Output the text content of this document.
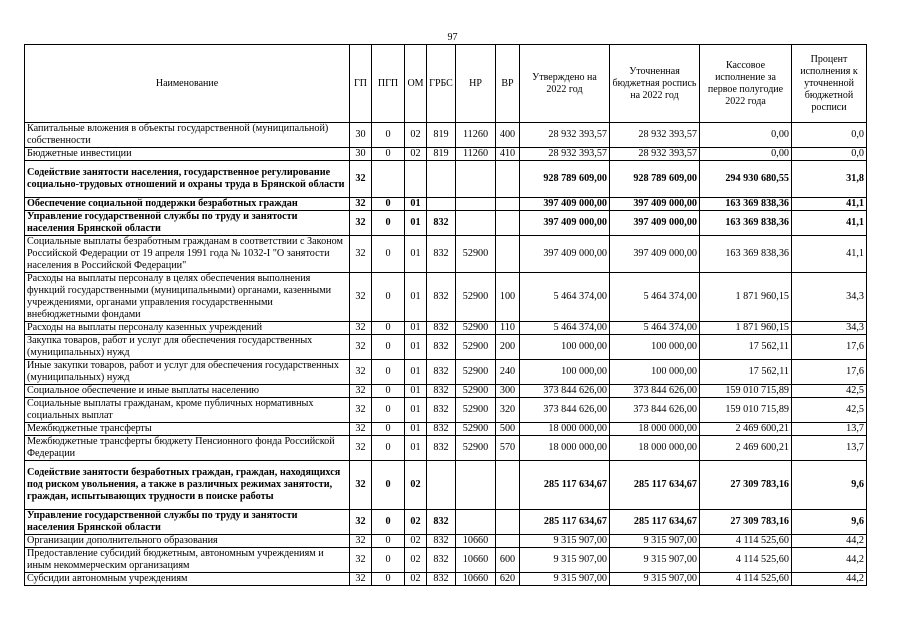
97
Наименование	ГП	ПГП	ОМ	ГРБС	НР	ВР	Утверждено на 2022 год	Уточненная бюджетная роспись на 2022 год	Кассовое исполнение за первое полугодие 2022 года	Процент исполнения к уточненной бюджетной росписи
Капитальные вложения в объекты государственной (муниципальной) собственности	30	0	02	819	11260	400	28 932 393,57	28 932 393,57	0,00	0,0
Бюджетные инвестиции	30	0	02	819	11260	410	28 932 393,57	28 932 393,57	0,00	0,0
Содействие занятости населения, государственное регулирование социально-трудовых отношений и охраны труда в Брянской области	32						928 789 609,00	928 789 609,00	294 930 680,55	31,8
Обеспечение социальной поддержки безработных граждан	32	0	01				397 409 000,00	397 409 000,00	163 369 838,36	41,1
Управление государственной службы по труду и занятости населения Брянской области	32	0	01	832			397 409 000,00	397 409 000,00	163 369 838,36	41,1
Социальные выплаты безработным гражданам в соответствии с Законом Российской Федерации от 19 апреля 1991 года № 1032-I "О занятости населения в Российской Федерации"	32	0	01	832	52900		397 409 000,00	397 409 000,00	163 369 838,36	41,1
Расходы на выплаты персоналу в целях обеспечения выполнения функций государственными (муниципальными) органами, казенными учреждениями, органами управления государственными внебюджетными фондами	32	0	01	832	52900	100	5 464 374,00	5 464 374,00	1 871 960,15	34,3
Расходы на выплаты персоналу казенных учреждений	32	0	01	832	52900	110	5 464 374,00	5 464 374,00	1 871 960,15	34,3
Закупка товаров, работ и услуг для обеспечения государственных (муниципальных) нужд	32	0	01	832	52900	200	100 000,00	100 000,00	17 562,11	17,6
Иные закупки товаров, работ и услуг для обеспечения государственных (муниципальных) нужд	32	0	01	832	52900	240	100 000,00	100 000,00	17 562,11	17,6
Социальное обеспечение и иные выплаты населению	32	0	01	832	52900	300	373 844 626,00	373 844 626,00	159 010 715,89	42,5
Социальные выплаты гражданам, кроме публичных нормативных социальных выплат	32	0	01	832	52900	320	373 844 626,00	373 844 626,00	159 010 715,89	42,5
Межбюджетные трансферты	32	0	01	832	52900	500	18 000 000,00	18 000 000,00	2 469 600,21	13,7
Межбюджетные трансферты бюджету Пенсионного фонда Российской Федерации	32	0	01	832	52900	570	18 000 000,00	18 000 000,00	2 469 600,21	13,7
Содействие занятости безработных граждан, граждан, находящихся под риском увольнения, а также в различных режимах занятости, граждан, испытывающих трудности в поиске работы	32	0	02				285 117 634,67	285 117 634,67	27 309 783,16	9,6
Управление государственной службы по труду и занятости населения Брянской области	32	0	02	832			285 117 634,67	285 117 634,67	27 309 783,16	9,6
Организации дополнительного образования	32	0	02	832	10660		9 315 907,00	9 315 907,00	4 114 525,60	44,2
Предоставление субсидий бюджетным, автономным учреждениям и иным некоммерческим организациям	32	0	02	832	10660	600	9 315 907,00	9 315 907,00	4 114 525,60	44,2
Субсидии автономным учреждениям	32	0	02	832	10660	620	9 315 907,00	9 315 907,00	4 114 525,60	44,2
